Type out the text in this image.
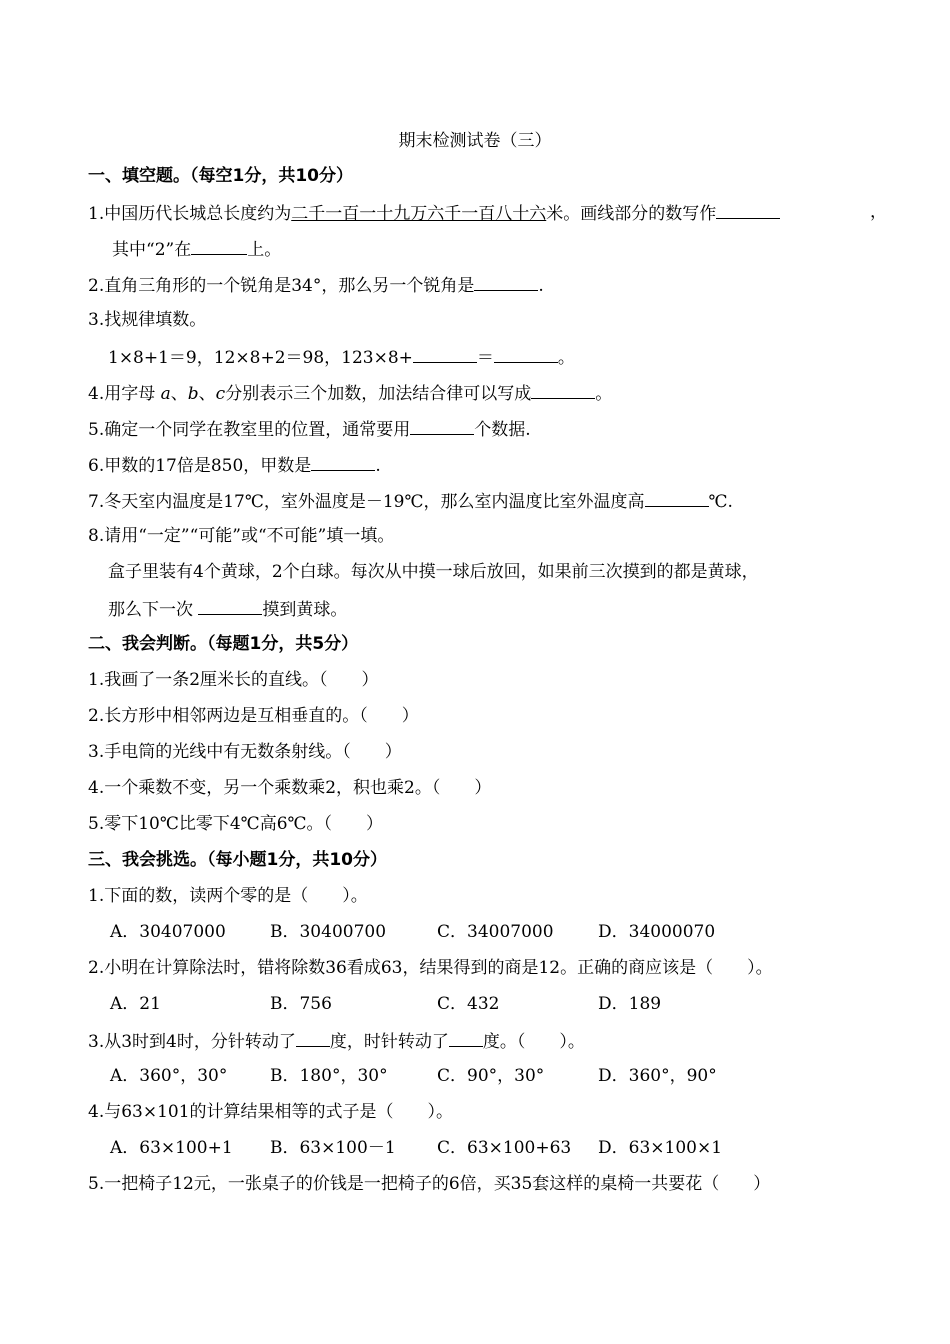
期末检测试卷（三）
一、填空题。（每空1分，共10分）
1.中国历代长城总长度约为二千一百一十九万六千一百八十六米。画线部分的数写作	，
其中“2”在	上。
2.直角三角形的一个锐角是34°，那么另一个锐角是	.
3.找规律填数。
1×8+1＝9，12×8+2＝98，123×8+	＝	。
4.用字母 a、b、c分别表示三个加数，加法结合律可以写成	。
5.确定一个同学在教室里的位置，通常要用	个数据.
6.甲数的17倍是850，甲数是	.
7.冬天室内温度是17℃，室外温度是－19℃，那么室内温度比室外温度高	℃.
8.请用“一定”“可能”或“不可能”填一填。
盒子里装有4个黄球，2个白球。每次从中摸一球后放回，如果前三次摸到的都是黄球，
那么下一次	摸到黄球。
二、我会判断。（每题1分，共5分）
1.我画了一条2厘米长的直线。（　　）
2.长方形中相邻两边是互相垂直的。（　　）
3.手电筒的光线中有无数条射线。（　　）
4.一个乘数不变，另一个乘数乘2，积也乘2。（　　）
5.零下10℃比零下4℃高6℃。（　　）
三、我会挑选。（每小题1分，共10分）
1.下面的数，读两个零的是（　　）。
A．30407000	B．30400700	C．34007000	D．34000070
2.小明在计算除法时，错将除数36看成63，结果得到的商是12。正确的商应该是（　　）。
A．21	B．756	C．432	D．189
3.从3时到4时，分针转动了 度，时针转动了 度。（　　）。
A．360°，30°	B．180°，30°	C．90°，30°	D．360°，90°
4.与63×101的计算结果相等的式子是（　　）。
A．63×100+1 B．63×100－1 C．63×100+63 D．63×100×1
5.一把椅子12元，一张桌子的价钱是一把椅子的6倍，买35套这样的桌椅一共要花（　　）
